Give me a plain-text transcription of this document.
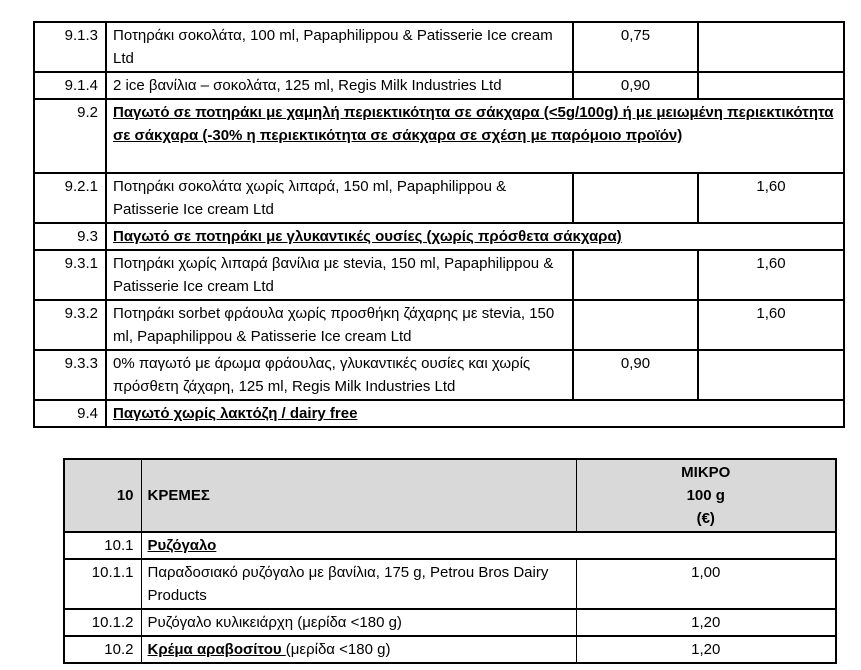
9.1.3	Ποτηράκι σοκολάτα, 100 ml, Papaphilippou & Patisserie Ice cream Ltd	0,75	
9.1.4	2 ice βανίλια – σοκολάτα, 125 ml, Regis Milk Industries Ltd	0,90	
9.2	Παγωτό σε ποτηράκι με χαμηλή περιεκτικότητα σε σάκχαρα (<5g/100g) ή με μειωμένη περιεκτικότητα σε σάκχαρα (-30% η περιεκτικότητα σε σάκχαρα σε σχέση με παρόμοιο προϊόν)		
9.2.1	Ποτηράκι σοκολάτα χωρίς λιπαρά, 150 ml, Papaphilippou & Patisserie Ice cream Ltd		1,60
9.3	Παγωτό σε ποτηράκι με γλυκαντικές ουσίες (χωρίς πρόσθετα σάκχαρα)		
9.3.1	Ποτηράκι χωρίς λιπαρά βανίλια με stevia, 150 ml, Papaphilippou & Patisserie Ice cream Ltd		1,60
9.3.2	Ποτηράκι sorbet φράουλα χωρίς προσθήκη ζάχαρης με stevia, 150 ml, Papaphilippou & Patisserie Ice cream Ltd		1,60
9.3.3	0% παγωτό με άρωμα φράουλας, γλυκαντικές ουσίες και χωρίς πρόσθετη ζάχαρη, 125 ml, Regis Milk Industries Ltd	0,90	
9.4	Παγωτό χωρίς λακτόζη / dairy free		
10	ΚΡΕΜΕΣ	ΜΙΚΡΟ
100 g
(€)

10.1	Ρυζόγαλο	
10.1.1	Παραδοσιακό ρυζόγαλο με βανίλια, 175 g, Petrou Bros Dairy Products	1,00
10.1.2	Ρυζόγαλο κυλικειάρχη (μερίδα <180 g)	1,20
10.2	Κρέμα αραβοσίτου (μερίδα <180 g)	1,20
